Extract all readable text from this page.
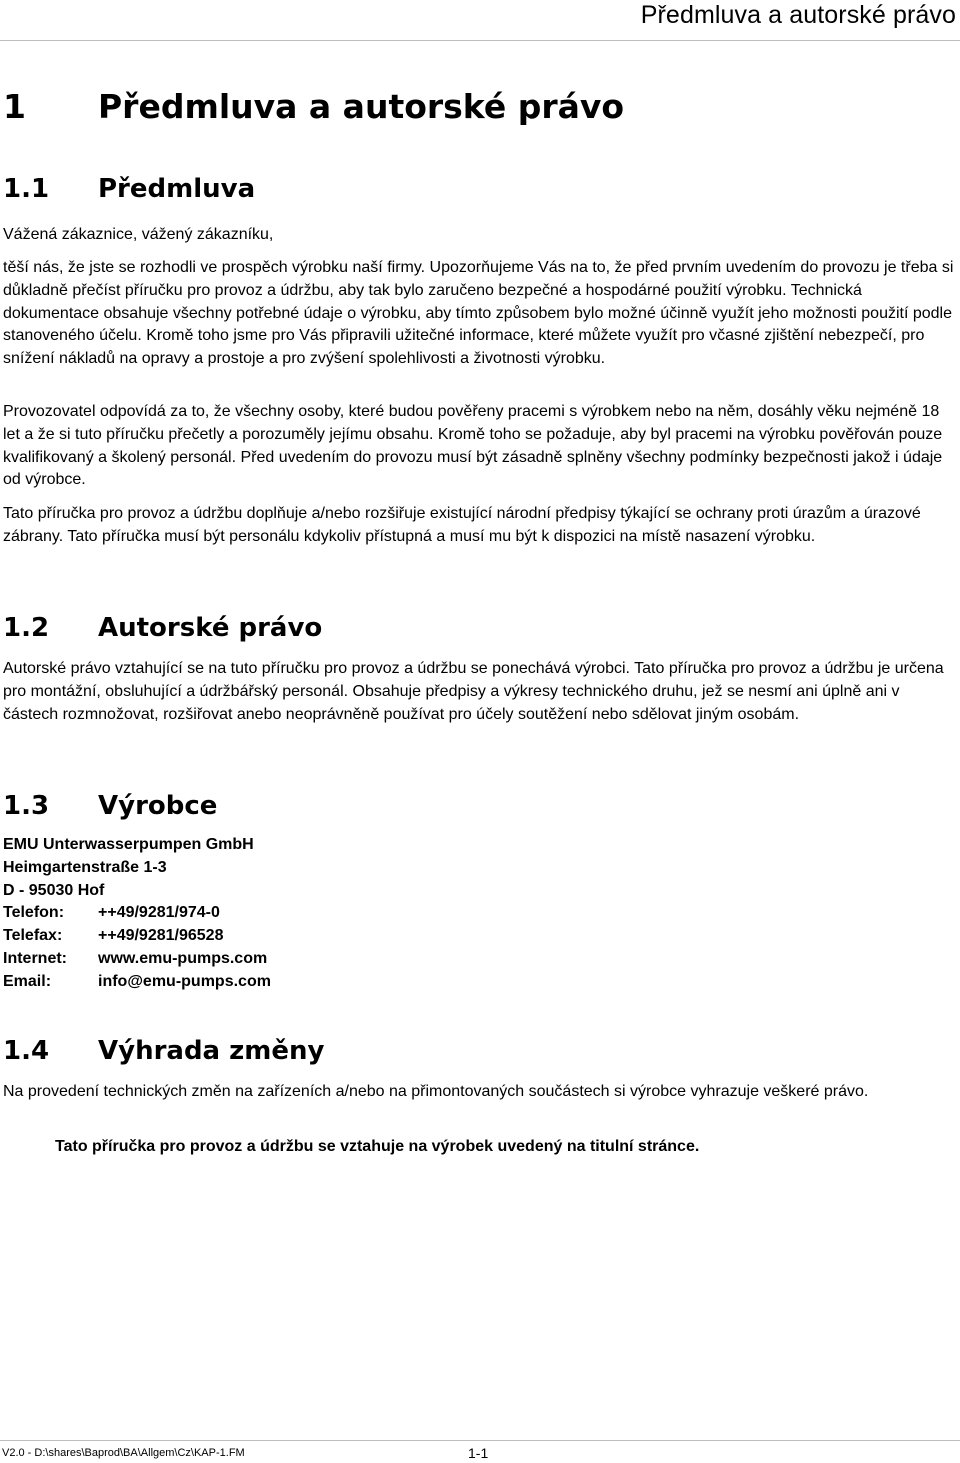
Předmluva a autorské právo
1 Předmluva a autorské právo
1.1 Předmluva

Vážená zákaznice, vážený zákazníku,

těší nás, že jste se rozhodli ve prospěch výrobku naší firmy. Upozorňujeme Vás na to, že před prvním uvedením do provozu je třeba si důkladně přečíst příručku pro provoz a údržbu, aby tak bylo zaručeno bezpečné a hospodárné použití výrobku. Technická dokumentace obsahuje všechny potřebné údaje o výrobku, aby tímto způsobem bylo možné účinně využít jeho možnosti použití podle stanoveného účelu. Kromě toho jsme pro Vás připravili užitečné informace, které můžete využít pro včasné zjištění nebezpečí, pro snížení nákladů na opravy a prostoje a pro zvýšení spolehlivosti a životnosti výrobku.

Provozovatel odpovídá za to, že všechny osoby, které budou pověřeny pracemi s výrobkem nebo na něm, dosáhly věku nejméně 18 let a že si tuto příručku přečetly a porozuměly jejímu obsahu. Kromě toho se požaduje, aby byl pracemi na výrobku pověřován pouze kvalifikovaný a školený personál. Před uvedením do provozu musí být zásadně splněny všechny podmínky bezpečnosti jakož i údaje od výrobce.

Tato příručka pro provoz a údržbu doplňuje a/nebo rozšiřuje existující národní předpisy týkající se ochrany proti úrazům a úrazové zábrany. Tato příručka musí být personálu kdykoliv přístupná a musí mu být k dispozici na místě nasazení výrobku.

1.2 Autorské právo

Autorské právo vztahující se na tuto příručku pro provoz a údržbu se ponechává výrobci. Tato příručka pro provoz a údržbu je určena pro montážní, obsluhující a údržbářský personál. Obsahuje předpisy a výkresy technického druhu, jež se nesmí ani úplně ani v částech rozmnožovat, rozšiřovat anebo neoprávněně používat pro účely soutěžení nebo sdělovat jiným osobám.

1.3 Výrobce
EMU Unterwasserpumpen GmbH
Heimgartenstraße 1-3
D - 95030 Hof
Telefon: ++49/9281/974-0
Telefax: ++49/9281/96528
Internet: www.emu-pumps.com
Email:	info@emu-pumps.com
1.4 Výhrada změny

Na provedení technických změn na zařízeních a/nebo na přimontovaných součástech si výrobce vyhrazuje veškeré právo.

Tato příručka pro provoz a údržbu se vztahuje na výrobek uvedený na titulní stránce.
V2.0 - D:\shares\Baprod\BA\Allgem\Cz\KAP-1.FM	1-1
